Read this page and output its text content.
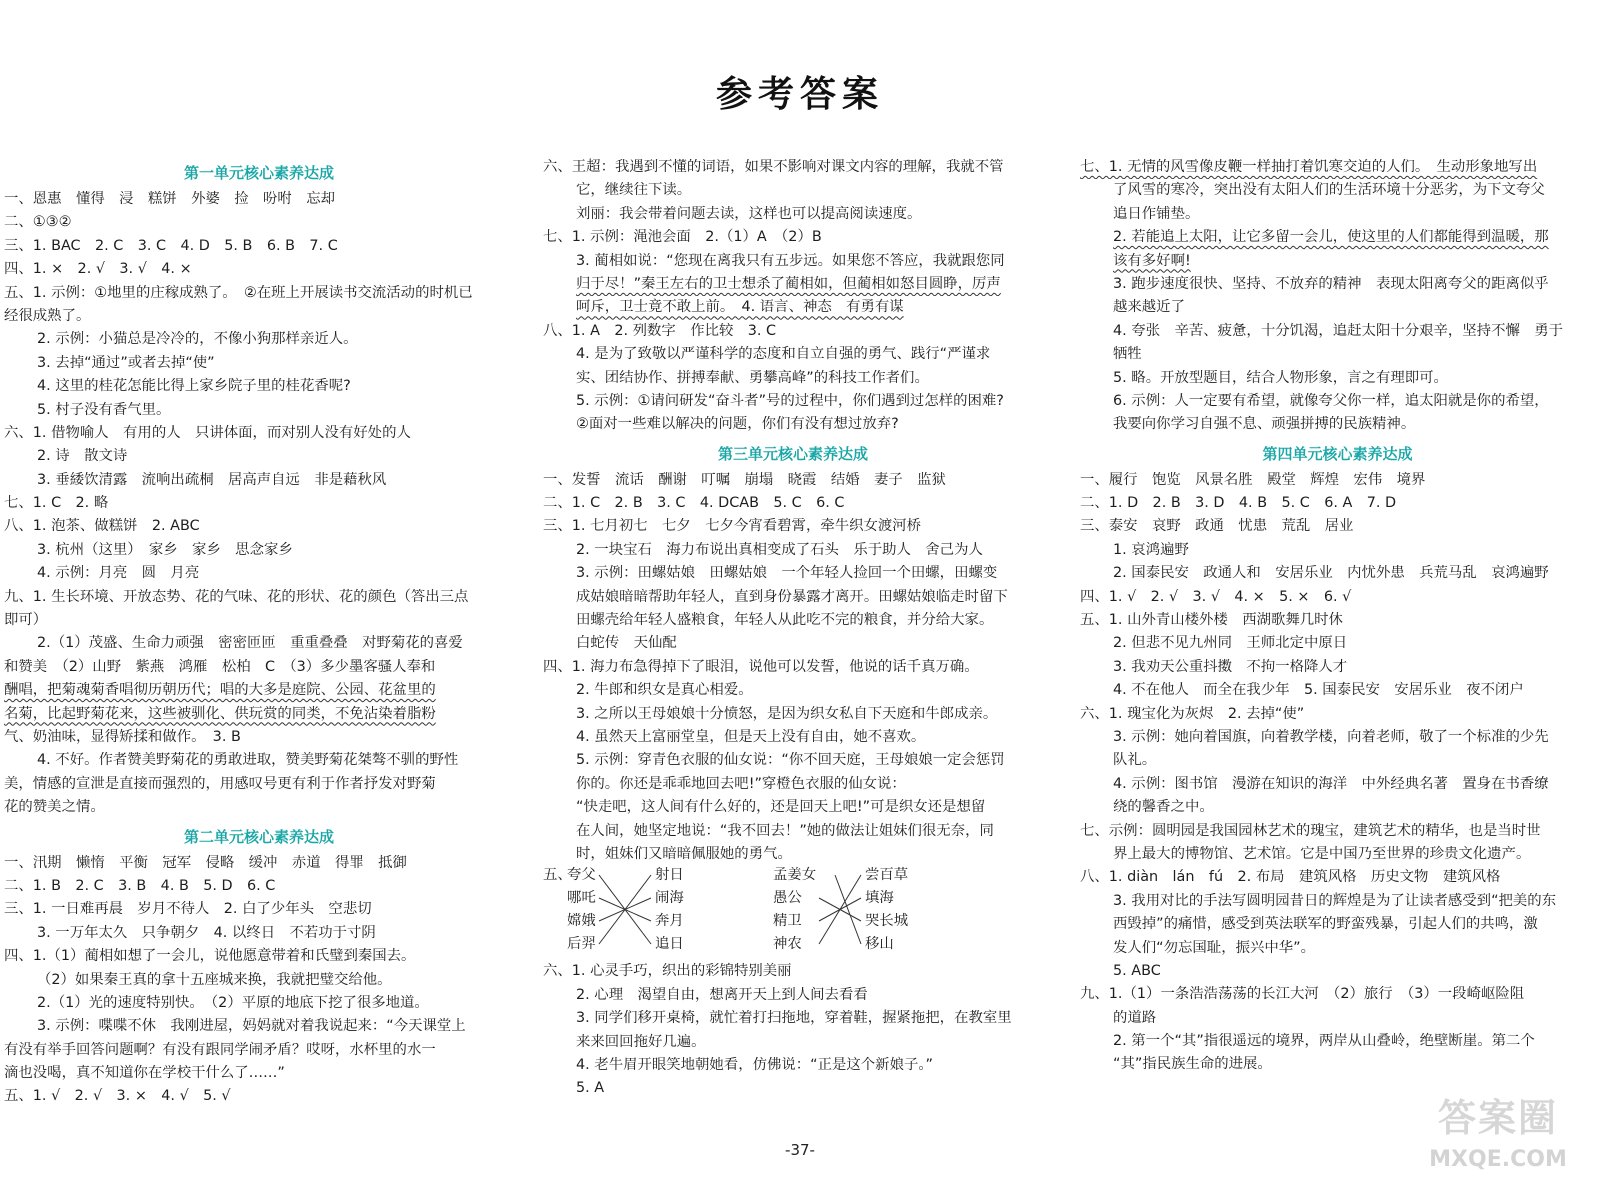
参考答案
第一单元核心素养达成
一、恩惠　懂得　浸　糕饼　外婆　捡　吩咐　忘却
二、①③②
三、1. BAC　2. C　3. C　4. D　5. B　6. B　7. C
四、1. ×　2. √　3. √　4. ×
五、1. 示例：①地里的庄稼成熟了。　②在班上开展读书交流活动的时机已
经很成熟了。
2. 示例：小猫总是冷冷的，不像小狗那样亲近人。
3. 去掉“通过”或者去掉“使”
4. 这里的桂花怎能比得上家乡院子里的桂花香呢?
5. 村子没有香气里。
六、1. 借物喻人　有用的人　只讲体面，而对别人没有好处的人
2. 诗　散文诗
3. 垂緌饮清露　流响出疏桐　居高声自远　非是藉秋风
七、1. C　2. 略
八、1. 泡茶、做糕饼　2. ABC
3. 杭州（这里）　家乡　家乡　思念家乡
4. 示例：月亮　圆　月亮
九、1. 生长环境、开放态势、花的气味、花的形状、花的颜色（答出三点
即可）
2.（1）茂盛、生命力顽强　密密匝匝　重重叠叠　对野菊花的喜爱
和赞美　（2）山野　紫燕　鸿雁　松柏　C　（3）多少墨客骚人奉和
酬唱，把菊魂菊香唱彻历朝历代；唱的大多是庭院、公园、花盆里的
名菊，比起野菊花来，这些被驯化、供玩赏的同类，不免沾染着脂粉
气、奶油味，显得矫揉和做作。　3. B
4. 不好。作者赞美野菊花的勇敢进取，赞美野菊花桀骜不驯的野性
美，情感的宣泄是直接而强烈的，用感叹号更有利于作者抒发对野菊
花的赞美之情。
第二单元核心素养达成
一、汛期　懒惰　平衡　冠军　侵略　缓冲　赤道　得罪　抵御
二、1. B　2. C　3. B　4. B　5. D　6. C
三、1. 一日难再晨　岁月不待人　2. 白了少年头　空悲切
3. 一万年太久　只争朝夕　4. 以终日　不若功于寸阴
四、1.（1）蔺相如想了一会儿，说他愿意带着和氏璧到秦国去。
（2）如果秦王真的拿十五座城来换，我就把璧交给他。
2.（1）光的速度特别快。　（2）平原的地底下挖了很多地道。
3. 示例：喋喋不休　我刚进屋，妈妈就对着我说起来：“今天课堂上
有没有举手回答问题啊？有没有跟同学闹矛盾？哎呀，水杯里的水一
滴也没喝，真不知道你在学校干什么了……”
五、1. √　2. √　3. ×　4. √　5. √
六、王超：我遇到不懂的词语，如果不影响对课文内容的理解，我就不管
它，继续往下读。
刘丽：我会带着问题去读，这样也可以提高阅读速度。
七、1. 示例：渑池会面　2.（1）A　（2）B
3. 蔺相如说：“您现在离我只有五步远。如果您不答应，我就跟您同
归于尽！”秦王左右的卫士想杀了蔺相如，但蔺相如怒目圆睁，厉声
呵斥，卫士竟不敢上前。　4. 语言、神态　有勇有谋
八、1. A　2. 列数字　作比较　3. C
4. 是为了致敬以严谨科学的态度和自立自强的勇气、践行“严谨求
实、团结协作、拼搏奉献、勇攀高峰”的科技工作者们。
5. 示例：①请问研发“奋斗者”号的过程中，你们遇到过怎样的困难?
②面对一些难以解决的问题，你们有没有想过放弃?
第三单元核心素养达成
一、发誓　流话　酬谢　叮嘱　崩塌　晓霞　结婚　妻子　监狱
二、1. C　2. B　3. C　4. DCAB　5. C　6. C
三、1. 七月初七　七夕　七夕今宵看碧霄，牵牛织女渡河桥
2. 一块宝石　海力布说出真相变成了石头　乐于助人　舍己为人
3. 示例：田螺姑娘　田螺姑娘　一个年轻人捡回一个田螺，田螺变
成姑娘暗暗帮助年轻人，直到身份暴露才离开。田螺姑娘临走时留下
田螺壳给年轻人盛粮食，年轻人从此吃不完的粮食，并分给大家。
白蛇传　天仙配
四、1. 海力布急得掉下了眼泪，说他可以发誓，他说的话千真万确。
2. 牛郎和织女是真心相爱。
3. 之所以王母娘娘十分愤怒，是因为织女私自下天庭和牛郎成亲。
4. 虽然天上富丽堂皇，但是天上没有自由，她不喜欢。
5. 示例：穿青色衣服的仙女说：“你不回天庭，王母娘娘一定会惩罚
你的。你还是乖乖地回去吧!”穿橙色衣服的仙女说：
“快走吧，这人间有什么好的，还是回天上吧!”可是织女还是想留
在人间，她坚定地说：“我不回去！”她的做法让姐妹们很无奈，同
时，姐妹们又暗暗佩服她的勇气。
五、
夸父
哪吒
嫦娥
后羿
射日
闹海
奔月
追日
孟姜女
愚公
精卫
神农
尝百草
填海
哭长城
移山
六、1. 心灵手巧，织出的彩锦特别美丽
2. 心理　渴望自由，想离开天上到人间去看看
3. 同学们移开桌椅，就忙着打扫拖地，穿着鞋，握紧拖把，在教室里
来来回回拖好几遍。
4. 老牛眉开眼笑地朝她看，仿佛说：“正是这个新娘子。”
5. A
七、1. 无情的风雪像皮鞭一样抽打着饥寒交迫的人们。　生动形象地写出
了风雪的寒冷，突出没有太阳人们的生活环境十分恶劣，为下文夸父
追日作铺垫。
2. 若能追上太阳，让它多留一会儿，使这里的人们都能得到温暖，那
该有多好啊!
3. 跑步速度很快、坚持、不放弃的精神　表现太阳离夸父的距离似乎
越来越近了
4. 夸张　辛苦、疲惫，十分饥渴，追赶太阳十分艰辛，坚持不懈　勇于
牺牲
5. 略。开放型题目，结合人物形象，言之有理即可。
6. 示例：人一定要有希望，就像夸父你一样，追太阳就是你的希望，
我要向你学习自强不息、顽强拼搏的民族精神。
第四单元核心素养达成
一、履行　饱览　风景名胜　殿堂　辉煌　宏伟　境界
二、1. D　2. B　3. D　4. B　5. C　6. A　7. D
三、泰安　哀野　政通　忧患　荒乱　居业
1. 哀鸿遍野
2. 国泰民安　政通人和　安居乐业　内忧外患　兵荒马乱　哀鸿遍野
四、1. √　2. √　3. √　4. ×　5. ×　6. √
五、1. 山外青山楼外楼　西湖歌舞几时休
2. 但悲不见九州同　王师北定中原日
3. 我劝天公重抖擞　不拘一格降人才
4. 不在他人　而全在我少年　5. 国泰民安　安居乐业　夜不闭户
六、1. 瑰宝化为灰烬　2. 去掉“使”
3. 示例：她向着国旗，向着教学楼，向着老师，敬了一个标准的少先
队礼。
4. 示例：图书馆　漫游在知识的海洋　中外经典名著　置身在书香缭
绕的馨香之中。
七、示例：圆明园是我国园林艺术的瑰宝，建筑艺术的精华，也是当时世
界上最大的博物馆、艺术馆。它是中国乃至世界的珍贵文化遗产。
八、1. diàn　lán　fú　2. 布局　建筑风格　历史文物　建筑风格
3. 我用对比的手法写圆明园昔日的辉煌是为了让读者感受到“把美的东
西毁掉”的痛惜，感受到英法联军的野蛮残暴，引起人们的共鸣，激
发人们“勿忘国耻，振兴中华”。
5. ABC
九、1.（1）一条浩浩荡荡的长江大河　（2）旅行　（3）一段崎岖险阻
的道路
2. 第一个“其”指很遥远的境界，两岸从山叠岭，绝壁断崖。第二个
“其”指民族生命的进展。
-37-
答案圈
MXQE.COM
